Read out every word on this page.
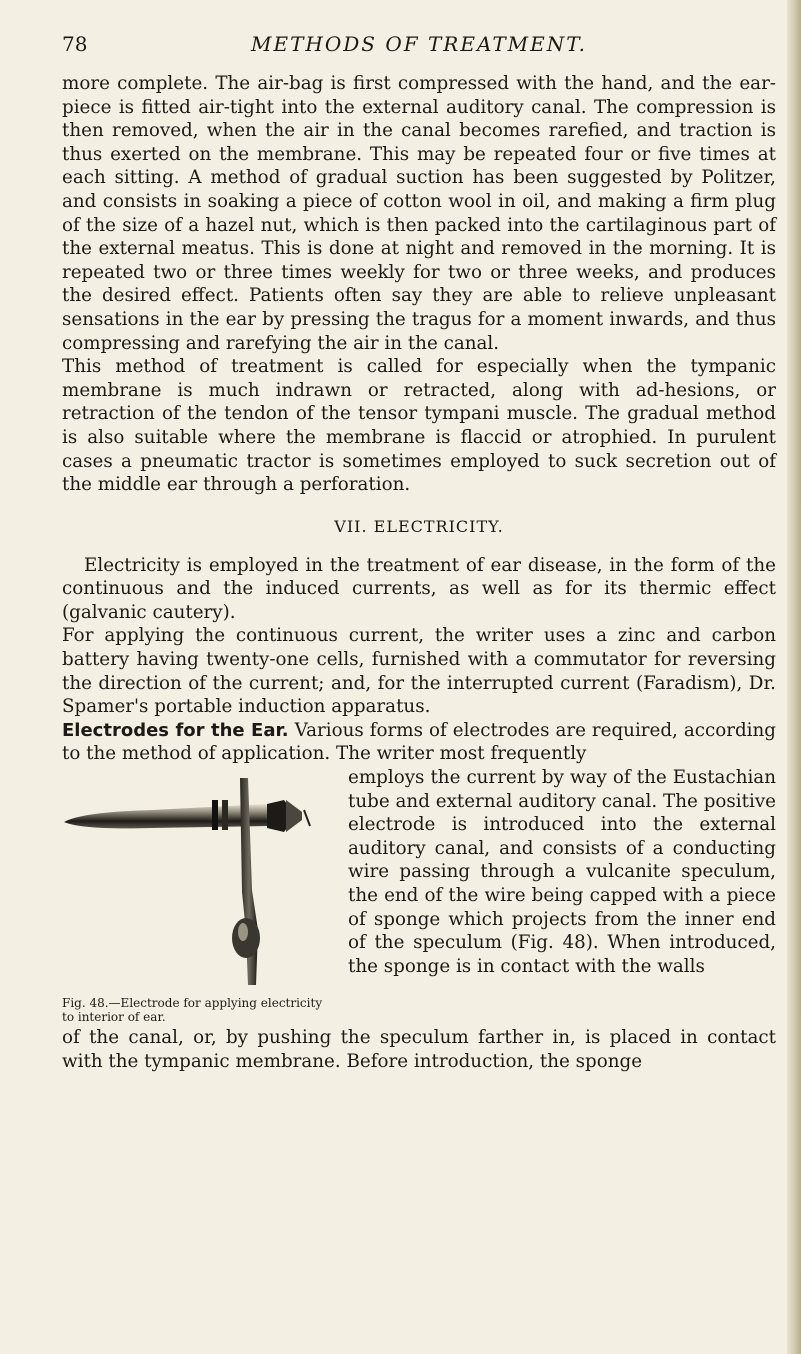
78	METHODS OF TREATMENT.

more complete. The air-bag is first compressed with the hand, and the ear-piece is fitted air-tight into the external auditory canal. The compression is then removed, when the air in the canal becomes rarefied, and traction is thus exerted on the membrane. This may be repeated four or five times at each sitting. A method of gradual suction has been suggested by Politzer, and consists in soaking a piece of cotton wool in oil, and making a firm plug of the size of a hazel nut, which is then packed into the cartilaginous part of the external meatus. This is done at night and removed in the morning. It is repeated two or three times weekly for two or three weeks, and produces the desired effect. Patients often say they are able to relieve unpleasant sensations in the ear by pressing the tragus for a moment inwards, and thus compressing and rarefying the air in the canal.

This method of treatment is called for especially when the tympanic membrane is much indrawn or retracted, along with ad-hesions, or retraction of the tendon of the tensor tympani muscle. The gradual method is also suitable where the membrane is flaccid or atrophied. In purulent cases a pneumatic tractor is sometimes employed to suck secretion out of the middle ear through a perforation.

VII. ELECTRICITY.

Electricity is employed in the treatment of ear disease, in the form of the continuous and the induced currents, as well as for its thermic effect (galvanic cautery).

For applying the continuous current, the writer uses a zinc and carbon battery having twenty-one cells, furnished with a commutator for reversing the direction of the current; and, for the interrupted current (Faradism), Dr. Spamer's portable induction apparatus.

Electrodes for the Ear. Various forms of electrodes are required, according to the method of application. The writer most frequently

Fig. 48.—Electrode for applying electricity to interior of ear.

employs the current by way of the Eustachian tube and external auditory canal. The positive electrode is introduced into the external auditory canal, and consists of a conducting wire passing through a vulcanite speculum, the end of the wire being capped with a piece of sponge which projects from the inner end of the speculum (Fig. 48). When introduced, the sponge is in contact with the walls

of the canal, or, by pushing the speculum farther in, is placed in contact with the tympanic membrane. Before introduction, the sponge
